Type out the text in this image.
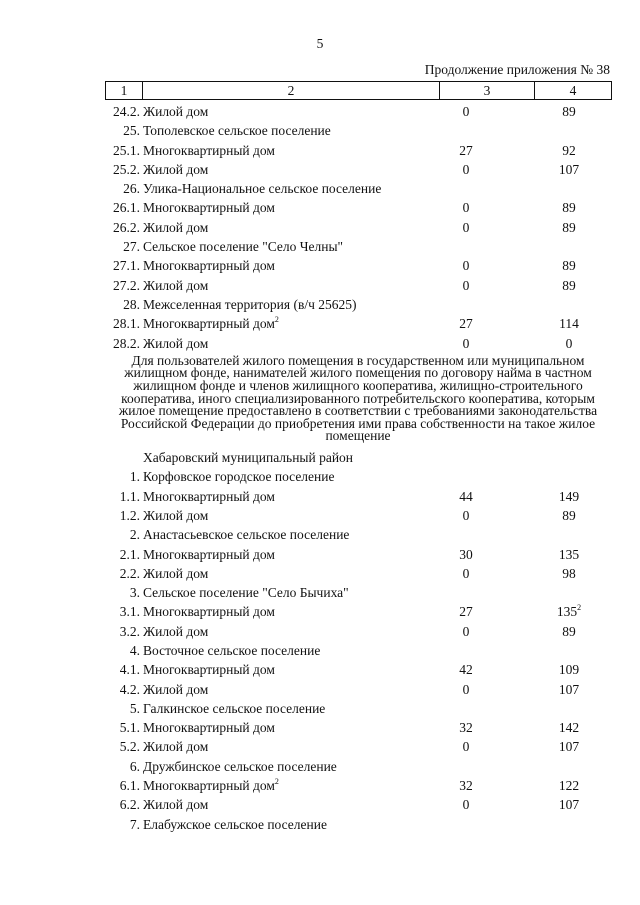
5
Продолжение приложения № 38
1	2	3	4
24.2. Жилой дом	0	89
25. Тополевское сельское поселение
25.1. Многоквартирный дом	27	92
25.2. Жилой дом	0	107
26. Улика-Национальное сельское поселение
26.1. Многоквартирный дом	0	89
26.2. Жилой дом	0	89
27. Сельское поселение "Село Челны"
27.1. Многоквартирный дом	0	89
27.2. Жилой дом	0	89
28. Межселенная территория (в/ч 25625)
28.1. Многоквартирный дом$^2$	27	114
28.2. Жилой дом	0	0
Для пользователей жилого помещения в государственном или муниципальном жилищном фонде, нанимателей жилого помещения по договору найма в частном жилищном фонде и членов жилищного кооператива, жилищно-строительного кооператива, иного специализированного потребительского кооператива, которым жилое помещение предоставлено в соответствии с требованиями законодательства Российской Федерации до приобретения ими права собственности на такое жилое помещение
Хабаровский муниципальный район
1. Корфовское городское поселение
1.1. Многоквартирный дом	44	149
1.2. Жилой дом	0	89
2. Анастасьевское сельское поселение
2.1. Многоквартирный дом	30	135
2.2. Жилой дом	0	98
3. Сельское поселение "Село Бычиха"
3.1. Многоквартирный дом	27	$135^2$
3.2. Жилой дом	0	89
4. Восточное сельское поселение
4.1. Многоквартирный дом	42	109
4.2. Жилой дом	0	107
5. Галкинское сельское поселение
5.1. Многоквартирный дом	32	142
5.2. Жилой дом	0	107
6. Дружбинское сельское поселение
6.1. Многоквартирный дом$^2$	32	122
6.2. Жилой дом	0	107
7. Елабужское сельское поселение
